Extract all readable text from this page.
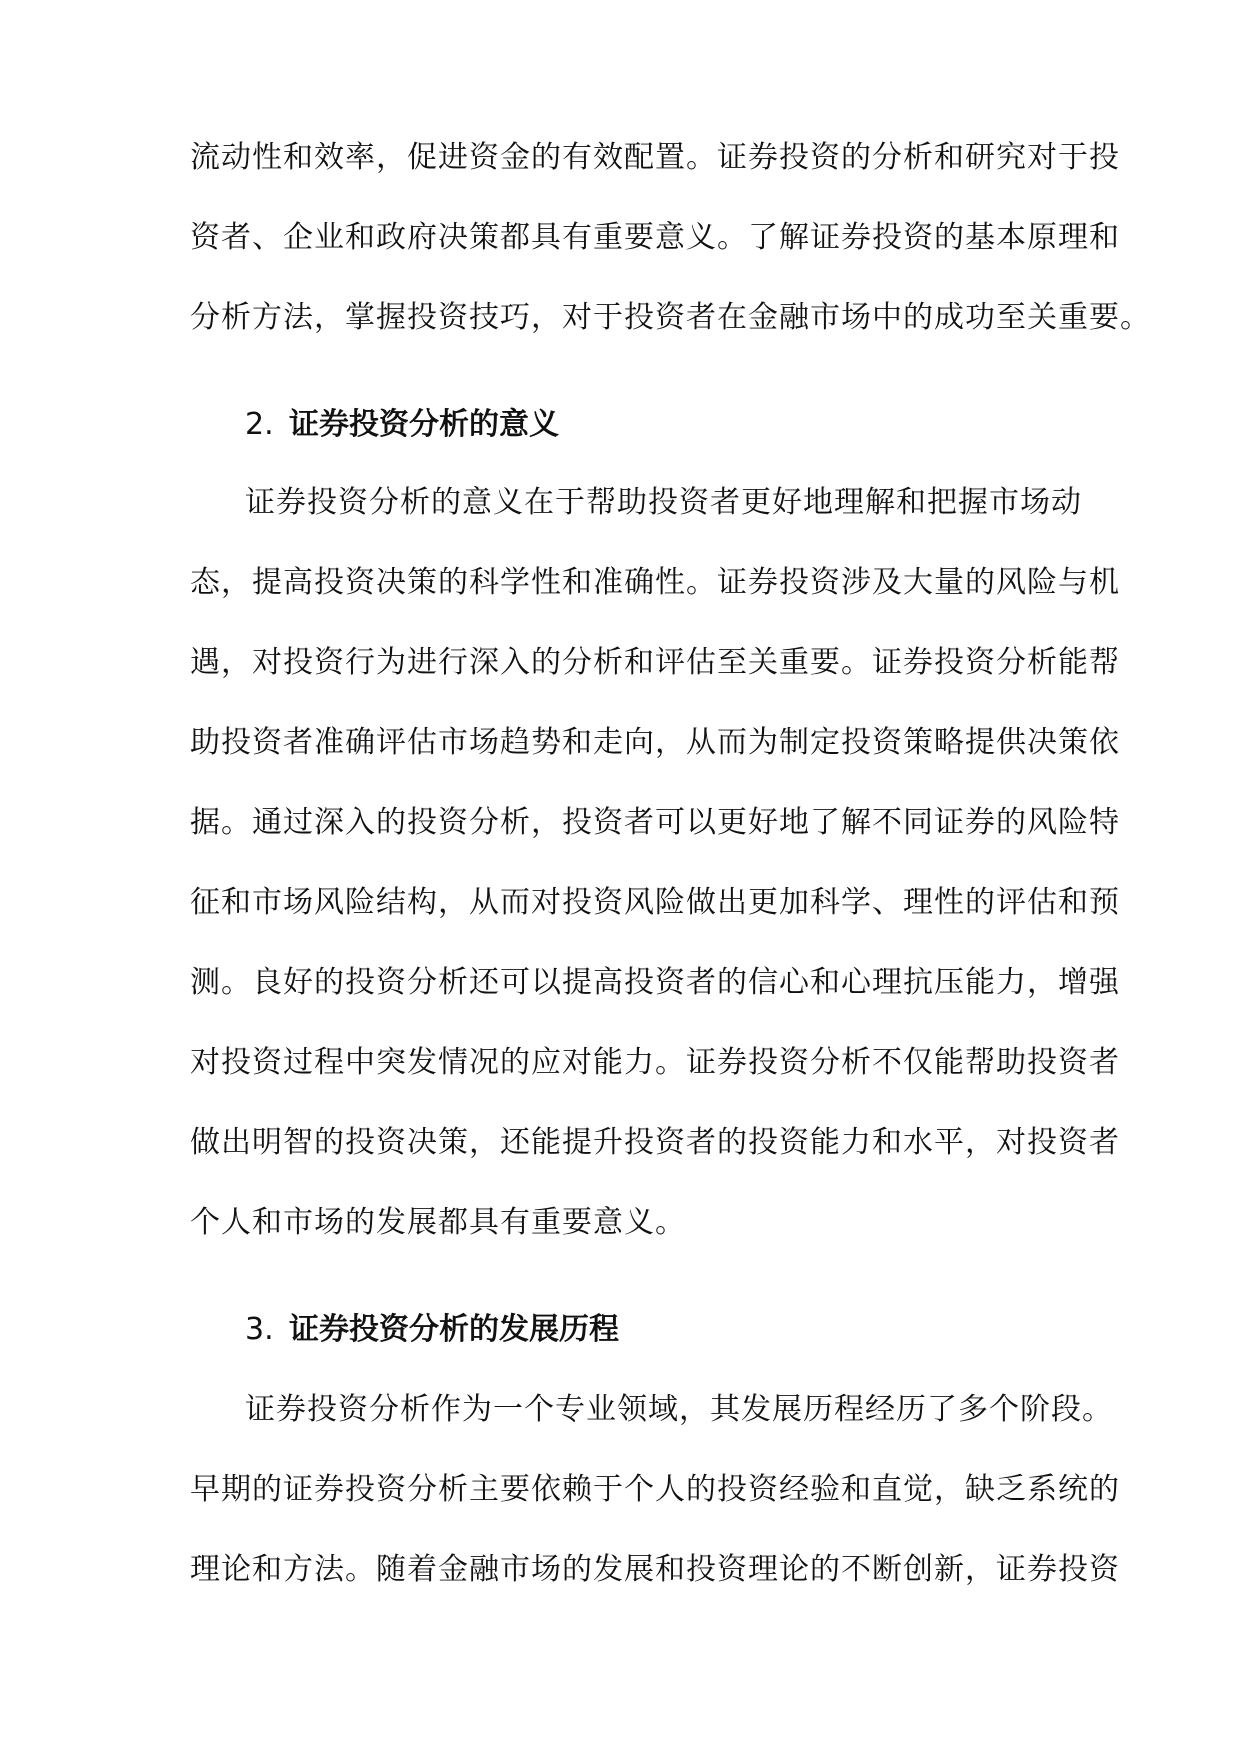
流动性和效率，促进资金的有效配置。证券投资的分析和研究对于投
资者、企业和政府决策都具有重要意义。了解证券投资的基本原理和
分析方法，掌握投资技巧，对于投资者在金融市场中的成功至关重要。
2. 证券投资分析的意义
证券投资分析的意义在于帮助投资者更好地理解和把握市场动
态，提高投资决策的科学性和准确性。证券投资涉及大量的风险与机
遇，对投资行为进行深入的分析和评估至关重要。证券投资分析能帮
助投资者准确评估市场趋势和走向，从而为制定投资策略提供决策依
据。通过深入的投资分析，投资者可以更好地了解不同证券的风险特
征和市场风险结构，从而对投资风险做出更加科学、理性的评估和预
测。良好的投资分析还可以提高投资者的信心和心理抗压能力，增强
对投资过程中突发情况的应对能力。证券投资分析不仅能帮助投资者
做出明智的投资决策，还能提升投资者的投资能力和水平，对投资者
个人和市场的发展都具有重要意义。
3. 证券投资分析的发展历程
证券投资分析作为一个专业领域，其发展历程经历了多个阶段。
早期的证券投资分析主要依赖于个人的投资经验和直觉，缺乏系统的
理论和方法。随着金融市场的发展和投资理论的不断创新，证券投资
